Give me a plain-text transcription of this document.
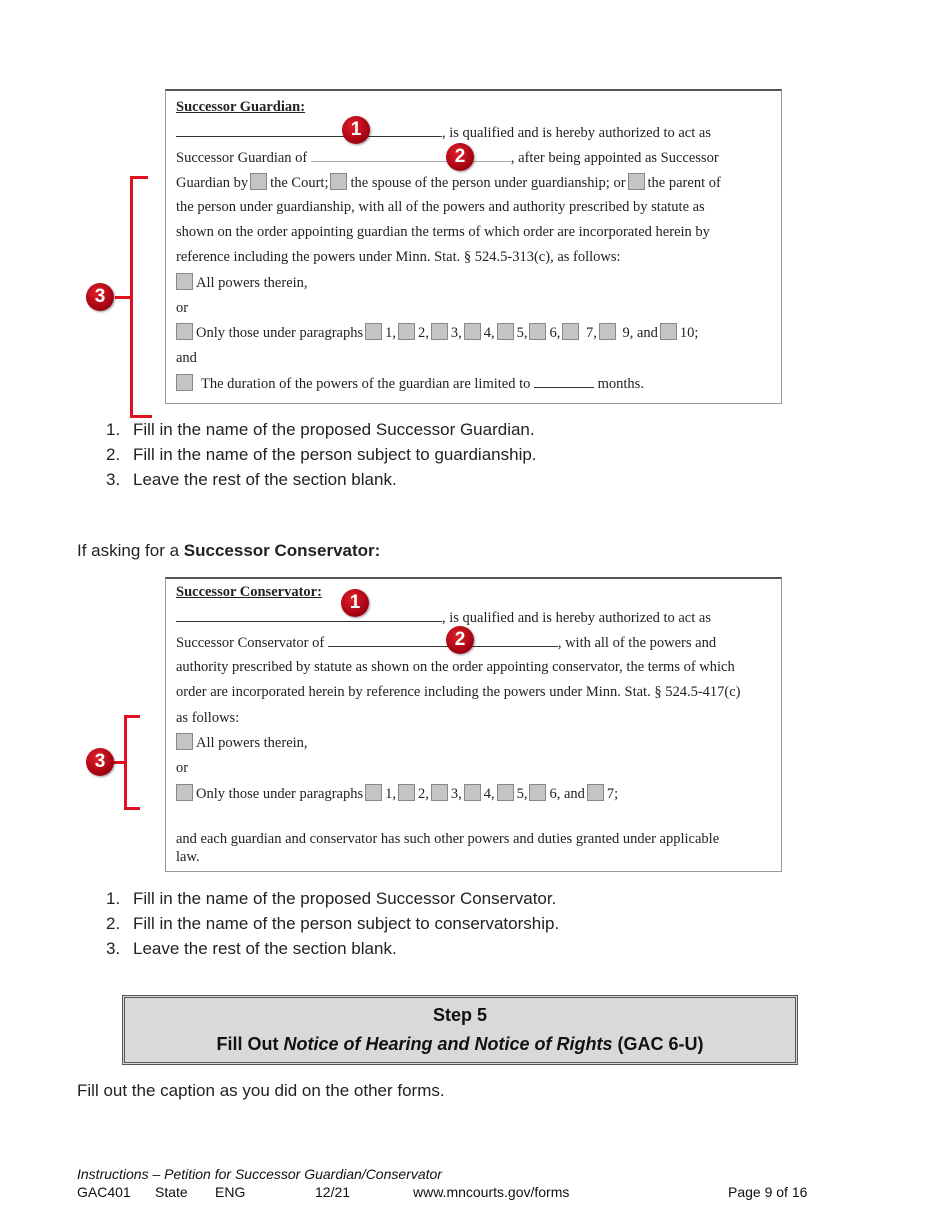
Successor Guardian:
, is qualified and is hereby authorized to act as
Successor Guardian of	, after being appointed as Successor
Guardian by the Court; the spouse of the person under guardianship; or the parent of
the person under guardianship, with all of the powers and authority prescribed by statute as
shown on the order appointing guardian the terms of which order are incorporated herein by
reference including the powers under Minn. Stat. § 524.5-313(c), as follows:
All powers therein,
or
Only those under paragraphs 1, 2, 3, 4, 5, 6, 7, 9, and 10;
and
The duration of the powers of the guardian are limited to	months.
1
2
3
1. Fill in the name of the proposed Successor Guardian.
2. Fill in the name of the person subject to guardianship.
3. Leave the rest of the section blank.
If asking for a Successor Conservator:
Successor Conservator:
, is qualified and is hereby authorized to act as
Successor Conservator of	, with all of the powers and
authority prescribed by statute as shown on the order appointing conservator, the terms of which
order are incorporated herein by reference including the powers under Minn. Stat. § 524.5-417(c)
as follows:
All powers therein,
or
Only those under paragraphs 1, 2, 3, 4, 5, 6, and 7;
and each guardian and conservator has such other powers and duties granted under applicable
law.
1
2
3
1. Fill in the name of the proposed Successor Conservator.
2. Fill in the name of the person subject to conservatorship.
3. Leave the rest of the section blank.
Step 5
Fill Out Notice of Hearing and Notice of Rights (GAC 6-U)
Fill out the caption as you did on the other forms.
Instructions – Petition for Successor Guardian/Conservator
GAC401 State ENG	12/21	www.mncourts.gov/forms	Page 9 of 16
